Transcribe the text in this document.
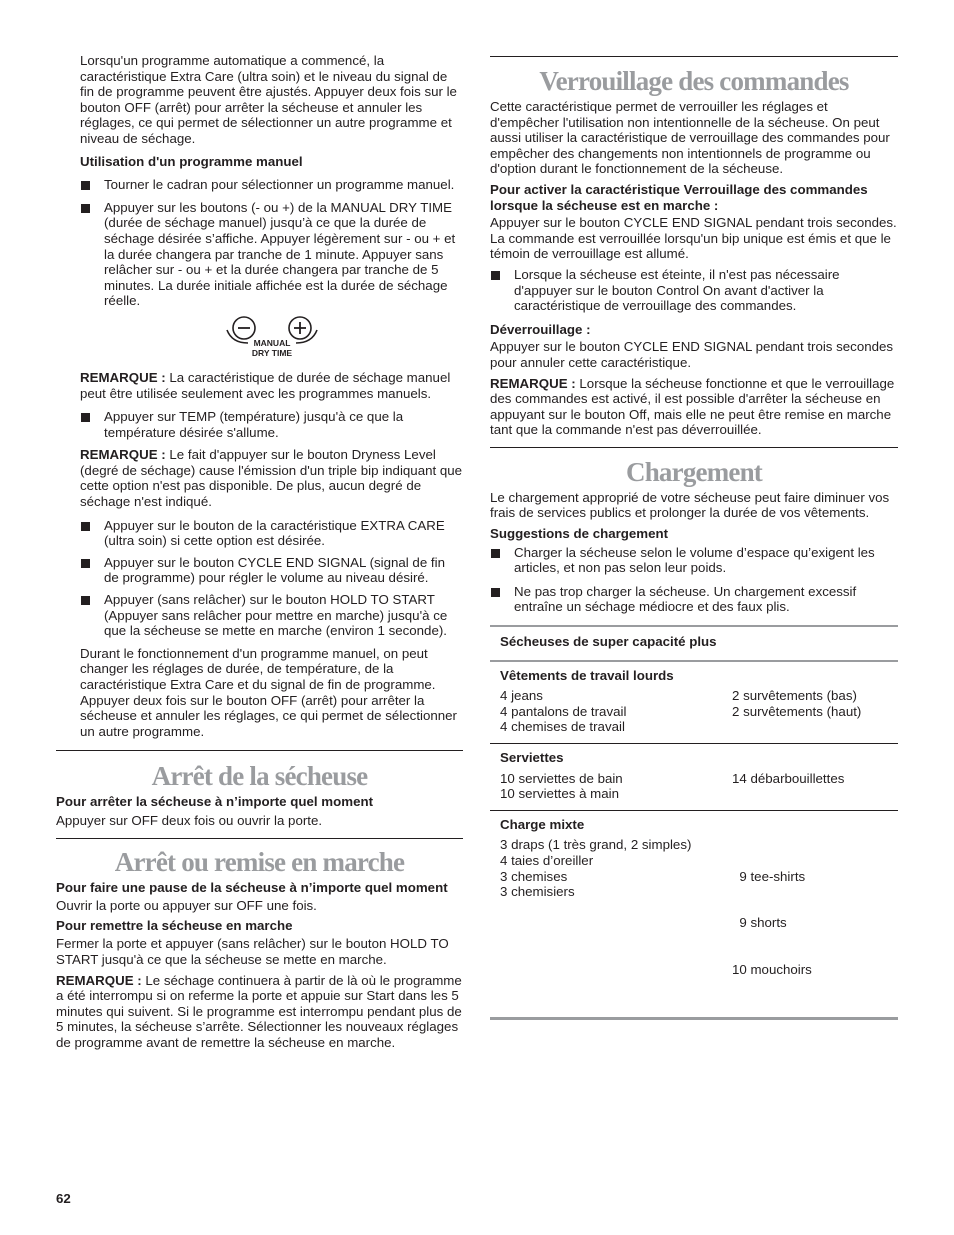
Lorsqu'un programme automatique a commencé, la caractéristique Extra Care (ultra soin) et le niveau du signal de fin de programme peuvent être ajustés. Appuyer deux fois sur le bouton OFF (arrêt) pour arrêter la sécheuse et annuler les réglages, ce qui permet de sélectionner un autre programme et niveau de séchage.

Utilisation d'un programme manuel

Tourner le cadran pour sélectionner un programme manuel.
Appuyer sur les boutons (- ou +) de la MANUAL DRY TIME (durée de séchage manuel) jusqu’à ce que la durée de séchage désirée s’affiche. Appuyer légèrement sur - ou + et la durée changera par tranche de 1 minute. Appuyer sans relâcher sur - ou + et la durée changera par tranche de 5 minutes. La durée initiale affichée est la durée de séchage réelle.
MANUAL
DRY TIME

REMARQUE : La caractéristique de durée de séchage manuel peut être utilisée seulement avec les programmes manuels.

Appuyer sur TEMP (température) jusqu'à ce que la température désirée s'allume.

REMARQUE : Le fait d'appuyer sur le bouton Dryness Level (degré de séchage) cause l'émission d'un triple bip indiquant que cette option n'est pas disponible. De plus, aucun degré de séchage n'est indiqué.

Appuyer sur le bouton de la caractéristique EXTRA CARE (ultra soin) si cette option est désirée.
Appuyer sur le bouton CYCLE END SIGNAL (signal de fin de programme) pour régler le volume au niveau désiré.
Appuyer (sans relâcher) sur le bouton HOLD TO START (Appuyer sans relâcher pour mettre en marche) jusqu'à ce que la sécheuse se mette en marche (environ 1 seconde).

Durant le fonctionnement d'un programme manuel, on peut changer les réglages de durée, de température, de la caractéristique Extra Care et du signal de fin de programme. Appuyer deux fois sur le bouton OFF (arrêt) pour arrêter la sécheuse et annuler les réglages, ce qui permet de sélectionner un autre programme.

Arrêt de la sécheuse

Pour arrêter la sécheuse à n’importe quel moment

Appuyer sur OFF deux fois ou ouvrir la porte.

Arrêt ou remise en marche

Pour faire une pause de la sécheuse à n’importe quel moment

Ouvrir la porte ou appuyer sur OFF une fois.

Pour remettre la sécheuse en marche

Fermer la porte et appuyer (sans relâcher) sur le bouton HOLD TO START jusqu'à ce que la sécheuse se mette en marche.

REMARQUE : Le séchage continuera à partir de là où le programme a été interrompu si on referme la porte et appuie sur Start dans les 5 minutes qui suivent. Si le programme est interrompu pendant plus de 5 minutes, la sécheuse s’arrête. Sélectionner les nouveaux réglages de programme avant de remettre la sécheuse en marche.

62
Verrouillage des commandes

Cette caractéristique permet de verrouiller les réglages et d'empêcher l'utilisation non intentionnelle de la sécheuse. On peut aussi utiliser la caractéristique de verrouillage des commandes pour empêcher des changements non intentionnels de programme ou d'option durant le fonctionnement de la sécheuse.

Pour activer la caractéristique Verrouillage des commandes lorsque la sécheuse est en marche :

Appuyer sur le bouton CYCLE END SIGNAL pendant trois secondes. La commande est verrouillée lorsqu'un bip unique est émis et que le témoin de verrouillage est allumé.

Lorsque la sécheuse est éteinte, il n'est pas nécessaire d'appuyer sur le bouton Control On avant d'activer la caractéristique de verrouillage des commandes.

Déverrouillage :

Appuyer sur le bouton CYCLE END SIGNAL pendant trois secondes pour annuler cette caractéristique.

REMARQUE : Lorsque la sécheuse fonctionne et que le verrouillage des commandes est activé, il est possible d'arrêter la sécheuse en appuyant sur le bouton Off, mais elle ne peut être remise en marche tant que la commande n'est pas déverrouillée.

Chargement

Le chargement approprié de votre sécheuse peut faire diminuer vos frais de services publics et prolonger la durée de vos vêtements.

Suggestions de chargement

Charger la sécheuse selon le volume d’espace qu’exigent les articles, et non pas selon leur poids.
Ne pas trop charger la sécheuse. Un chargement excessif entraîne un séchage médiocre et des faux plis.
Sécheuses de super capacité plus
Vêtements de travail lourds
4 jeans
4 pantalons de travail
4 chemises de travail
2 survêtements (bas)
2 survêtements (haut)
Serviettes
10 serviettes de bain
10 serviettes à main
14 débarbouillettes
Charge mixte
3 draps (1 très grand, 2 simples)
4 taies d’oreiller
3 chemises
3 chemisiers

9 tee-shirts

9 shorts

10 mouchoirs
